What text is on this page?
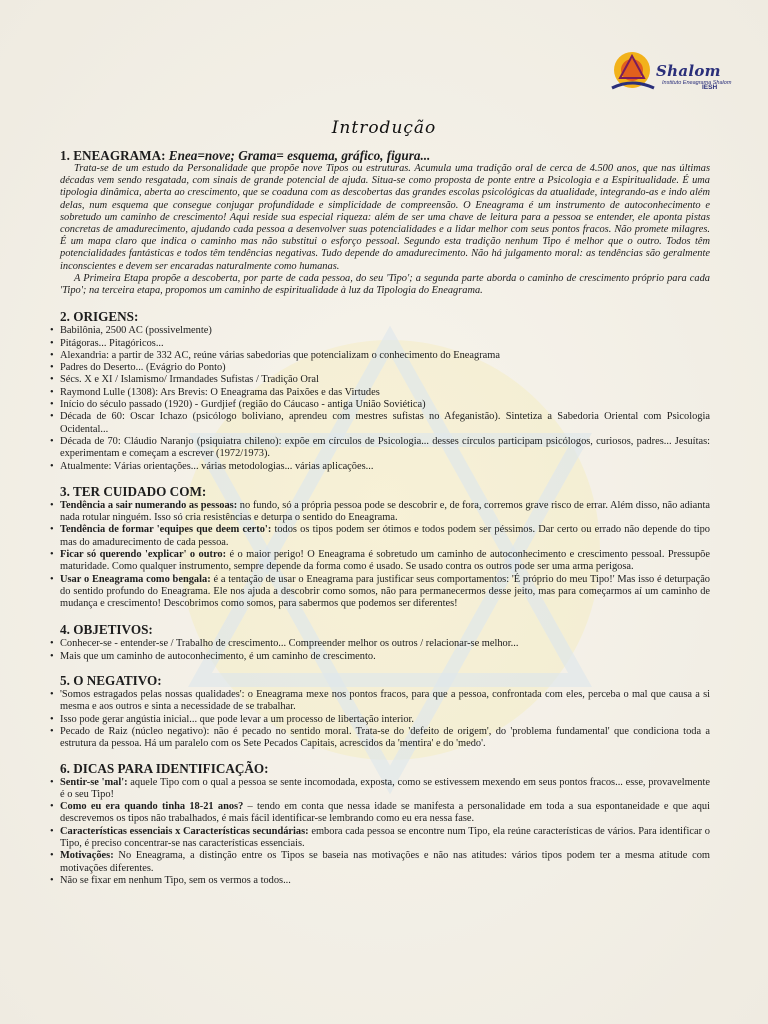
Shalom
Instituto Eneagrama Shalom
IESH
Introdução

1. ENEAGRAMA: Enea=nove; Grama= esquema, gráfico, figura...

Trata-se de um estudo da Personalidade que propõe nove Tipos ou estruturas. Acumula uma tradição oral de cerca de 4.500 anos, que nas últimas décadas vem sendo resgatada, com sinais de grande potencial de ajuda. Situa-se como proposta de ponte entre a Psicologia e a Espiritualidade. É uma tipologia dinâmica, aberta ao crescimento, que se coaduna com as descobertas das grandes escolas psicológicas da atualidade, integrando-as e indo além delas, num esquema que consegue conjugar profundidade e simplicidade de compreensão. O Eneagrama é um instrumento de autoconhecimento e sobretudo um caminho de crescimento! Aqui reside sua especial riqueza: além de ser uma chave de leitura para a pessoa se entender, ele aponta pistas concretas de amadurecimento, ajudando cada pessoa a desenvolver suas potencialidades e a lidar melhor com seus pontos fracos. Não promete milagres. É um mapa claro que indica o caminho mas não substitui o esforço pessoal. Segundo esta tradição nenhum Tipo é melhor que o outro. Todos têm potencialidades fantásticas e todos têm tendências negativas. Tudo depende do amadurecimento. Não há julgamento moral: as tendências são geralmente inconscientes e devem ser encaradas naturalmente como humanas.

A Primeira Etapa propõe a descoberta, por parte de cada pessoa, do seu 'Tipo'; a segunda parte aborda o caminho de crescimento próprio para cada 'Tipo'; na terceira etapa, propomos um caminho de espiritualidade à luz da Tipologia do Eneagrama.

2. ORIGENS:

• Babilônia, 2500 AC (possivelmente)
• Pitágoras... Pitagóricos...
• Alexandria: a partir de 332 AC, reúne várias sabedorias que potencializam o conhecimento do Eneagrama
• Padres do Deserto... (Evágrio do Ponto)
• Sécs. X e XI / Islamismo/ Irmandades Sufistas / Tradição Oral
• Raymond Lulle (1308): Ars Brevis: O Eneagrama das Paixões e das Virtudes
• Início do século passado (1920) - Gurdjief (região do Cáucaso - antiga União Soviética)
• Década de 60: Oscar Ichazo (psicólogo boliviano, aprendeu com mestres sufistas no Afeganistão). Sintetiza a Sabedoria Oriental com Psicologia Ocidental...
• Década de 70: Cláudio Naranjo (psiquiatra chileno): expõe em círculos de Psicologia... desses círculos participam psicólogos, curiosos, padres... Jesuítas: experimentam e começam a escrever (1972/1973).
• Atualmente: Várias orientações... várias metodologias... várias aplicações...

3. TER CUIDADO COM:

• Tendência a sair numerando as pessoas: no fundo, só a própria pessoa pode se descobrir e, de fora, corremos grave risco de errar. Além disso, não adianta nada rotular ninguém. Isso só cria resistências e deturpa o sentido do Eneagrama.
• Tendência de formar 'equipes que deem certo': todos os tipos podem ser ótimos e todos podem ser péssimos. Dar certo ou errado não depende do tipo mas do amadurecimento de cada pessoa.
• Ficar só querendo 'explicar' o outro: é o maior perigo! O Eneagrama é sobretudo um caminho de autoconhecimento e crescimento pessoal. Pressupõe maturidade. Como qualquer instrumento, sempre depende da forma como é usado. Se usado contra os outros pode ser uma arma perigosa.
• Usar o Eneagrama como bengala: é a tentação de usar o Eneagrama para justificar seus comportamentos: 'É próprio do meu Tipo!' Mas isso é deturpação do sentido profundo do Eneagrama. Ele nos ajuda a descobrir como somos, não para permanecermos desse jeito, mas para começarmos aí um caminho de mudança e crescimento! Descobrimos como somos, para sabermos que podemos ser diferentes!

4. OBJETIVOS:

• Conhecer-se - entender-se / Trabalho de crescimento... Compreender melhor os outros / relacionar-se melhor...
• Mais que um caminho de autoconhecimento, é um caminho de crescimento.

5. O NEGATIVO:

• 'Somos estragados pelas nossas qualidades': o Eneagrama mexe nos pontos fracos, para que a pessoa, confrontada com eles, perceba o mal que causa a si mesma e aos outros e sinta a necessidade de se trabalhar.
• Isso pode gerar angústia inicial... que pode levar a um processo de libertação interior.
• Pecado de Raiz (núcleo negativo): não é pecado no sentido moral. Trata-se do 'defeito de origem', do 'problema fundamental' que condiciona toda a estrutura da pessoa. Há um paralelo com os Sete Pecados Capitais, acrescidos da 'mentira' e do 'medo'.

6. DICAS PARA IDENTIFICAÇÃO:

• Sentir-se 'mal': aquele Tipo com o qual a pessoa se sente incomodada, exposta, como se estivessem mexendo em seus pontos fracos... esse, provavelmente é o seu Tipo!
• Como eu era quando tinha 18-21 anos? – tendo em conta que nessa idade se manifesta a personalidade em toda a sua espontaneidade e que aqui descrevemos os tipos não trabalhados, é mais fácil identificar-se lembrando como eu era nessa fase.
• Características essenciais x Características secundárias: embora cada pessoa se encontre num Tipo, ela reúne características de vários. Para identificar o Tipo, é preciso concentrar-se nas características essenciais.
• Motivações: No Eneagrama, a distinção entre os Tipos se baseia nas motivações e não nas atitudes: vários tipos podem ter a mesma atitude com motivações diferentes.
• Não se fixar em nenhum Tipo, sem os vermos a todos...
